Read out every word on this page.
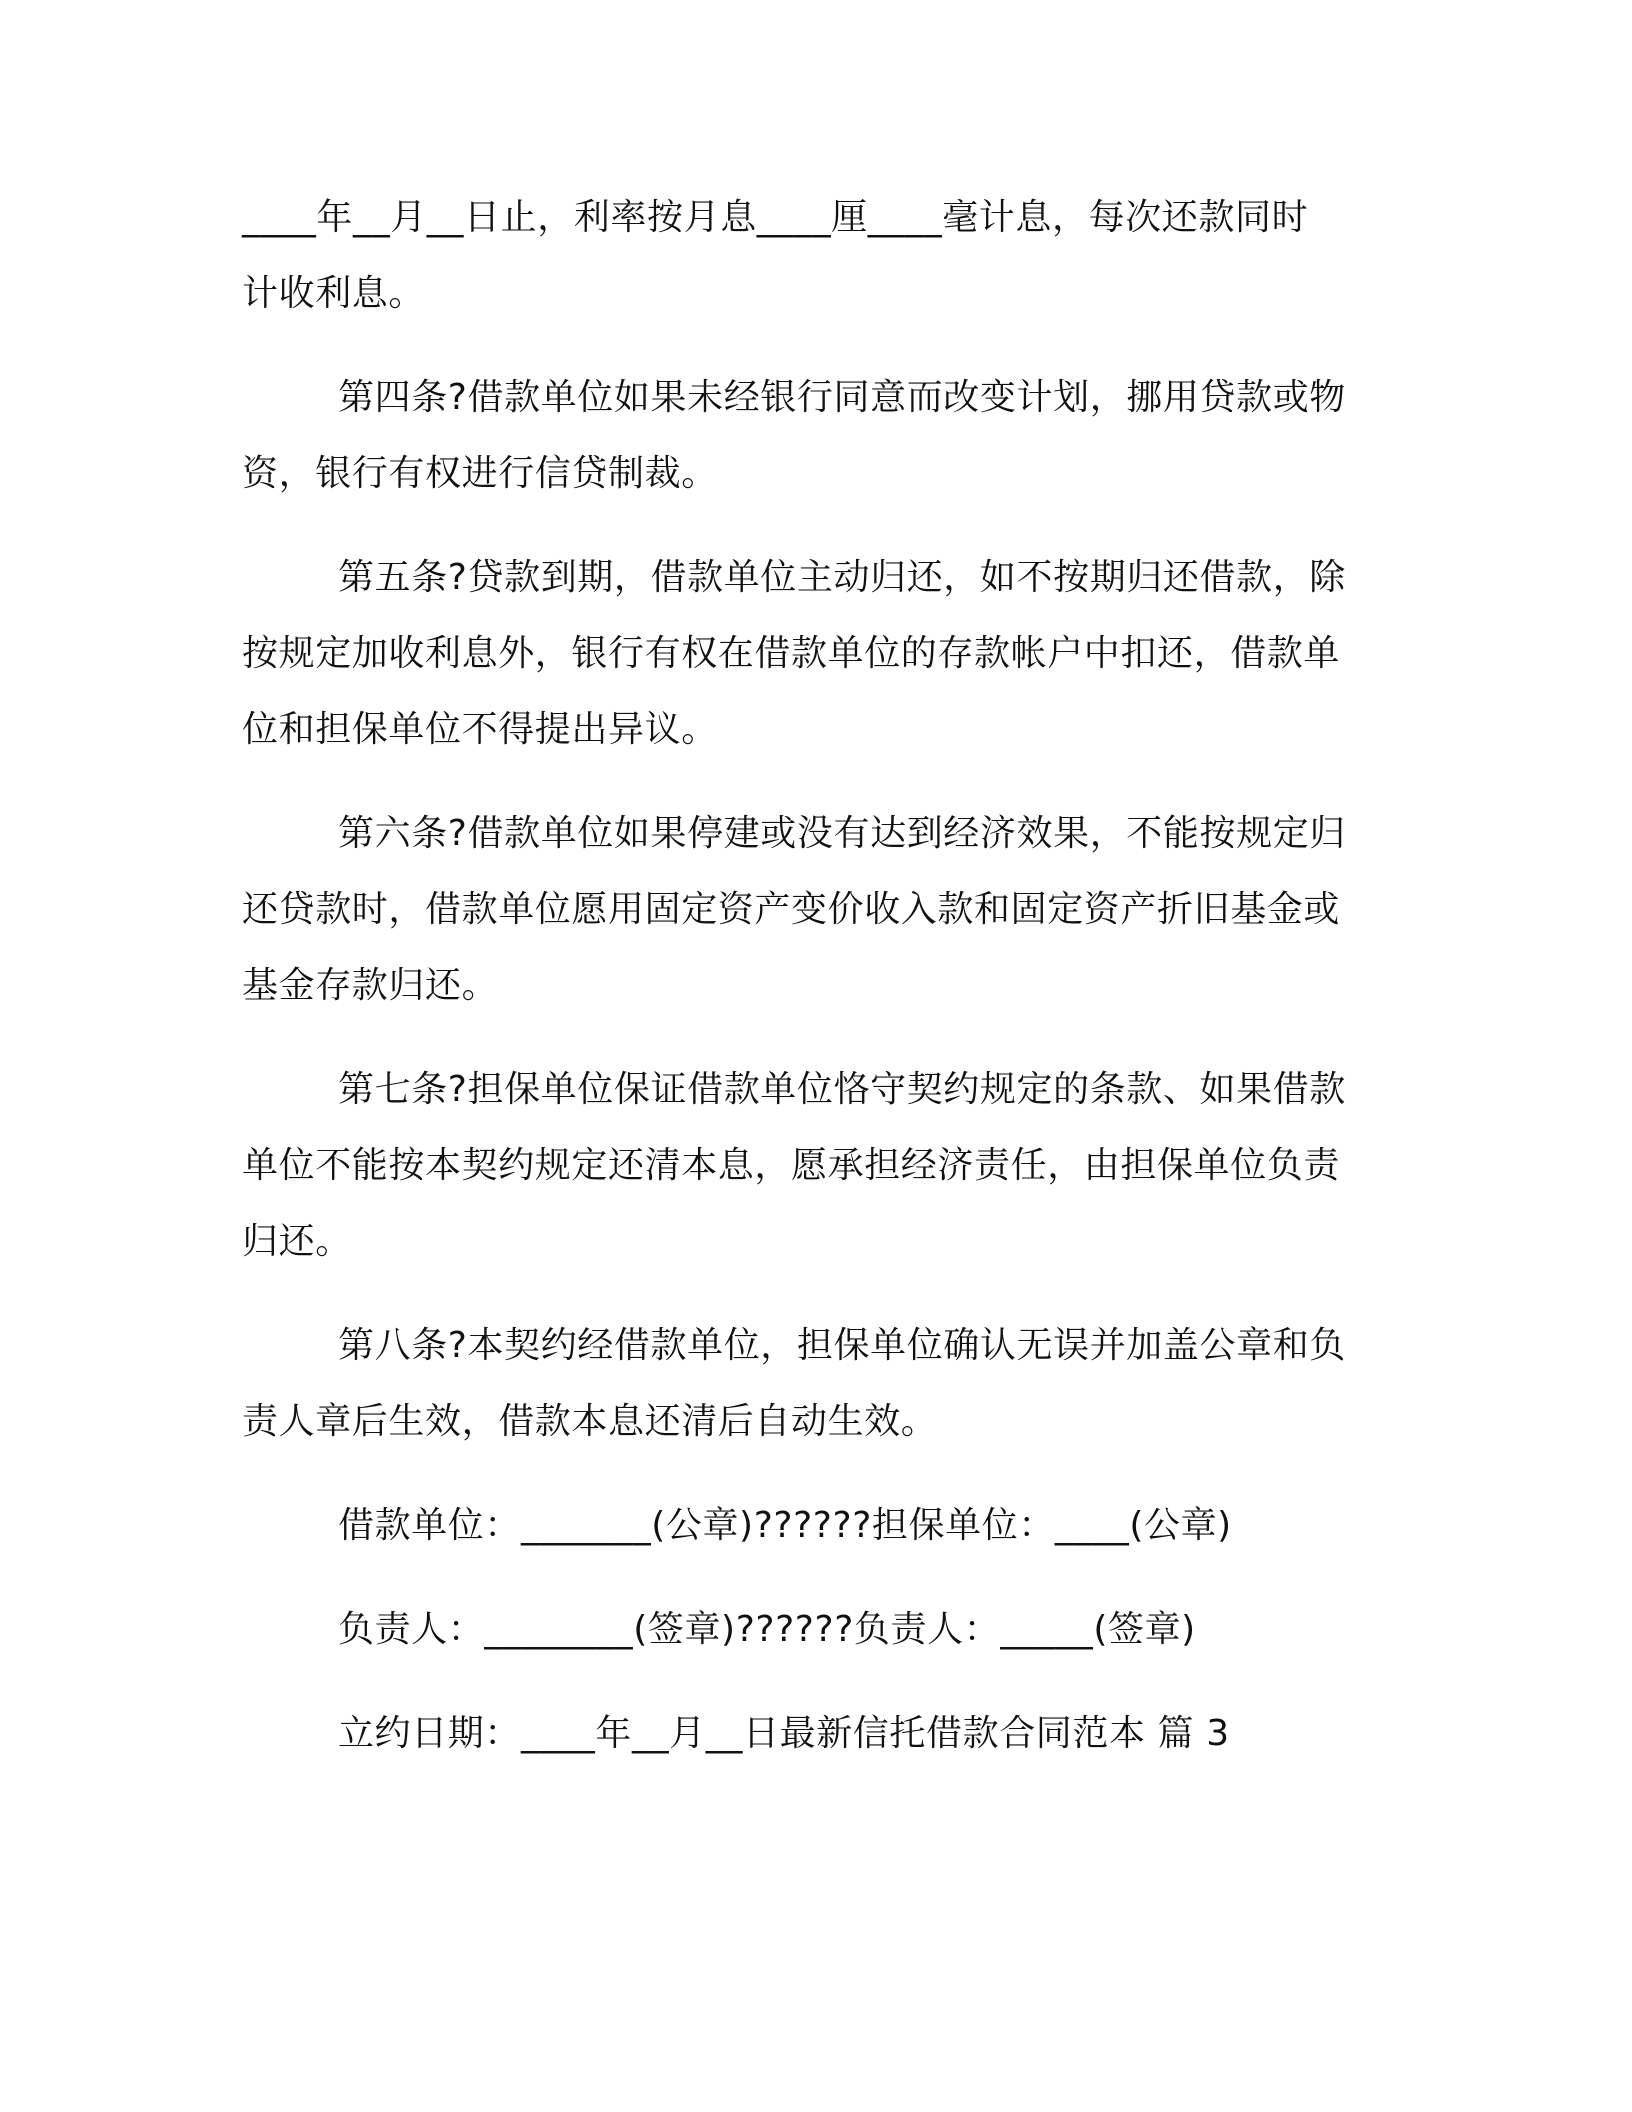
____年__月__日止，利率按月息____厘____毫计息，每次还款同时
计收利息。
第四条?借款单位如果未经银行同意而改变计划，挪用贷款或物
资，银行有权进行信贷制裁。
第五条?贷款到期，借款单位主动归还，如不按期归还借款，除
按规定加收利息外，银行有权在借款单位的存款帐户中扣还，借款单
位和担保单位不得提出异议。
第六条?借款单位如果停建或没有达到经济效果，不能按规定归
还贷款时，借款单位愿用固定资产变价收入款和固定资产折旧基金或
基金存款归还。
第七条?担保单位保证借款单位恪守契约规定的条款、如果借款
单位不能按本契约规定还清本息，愿承担经济责任，由担保单位负责
归还。
第八条?本契约经借款单位，担保单位确认无误并加盖公章和负
责人章后生效，借款本息还清后自动生效。
借款单位：_______(公章)??????担保单位：____(公章)
负责人：________(签章)??????负责人：_____(签章)
立约日期：____年__月__日最新信托借款合同范本 篇 3
